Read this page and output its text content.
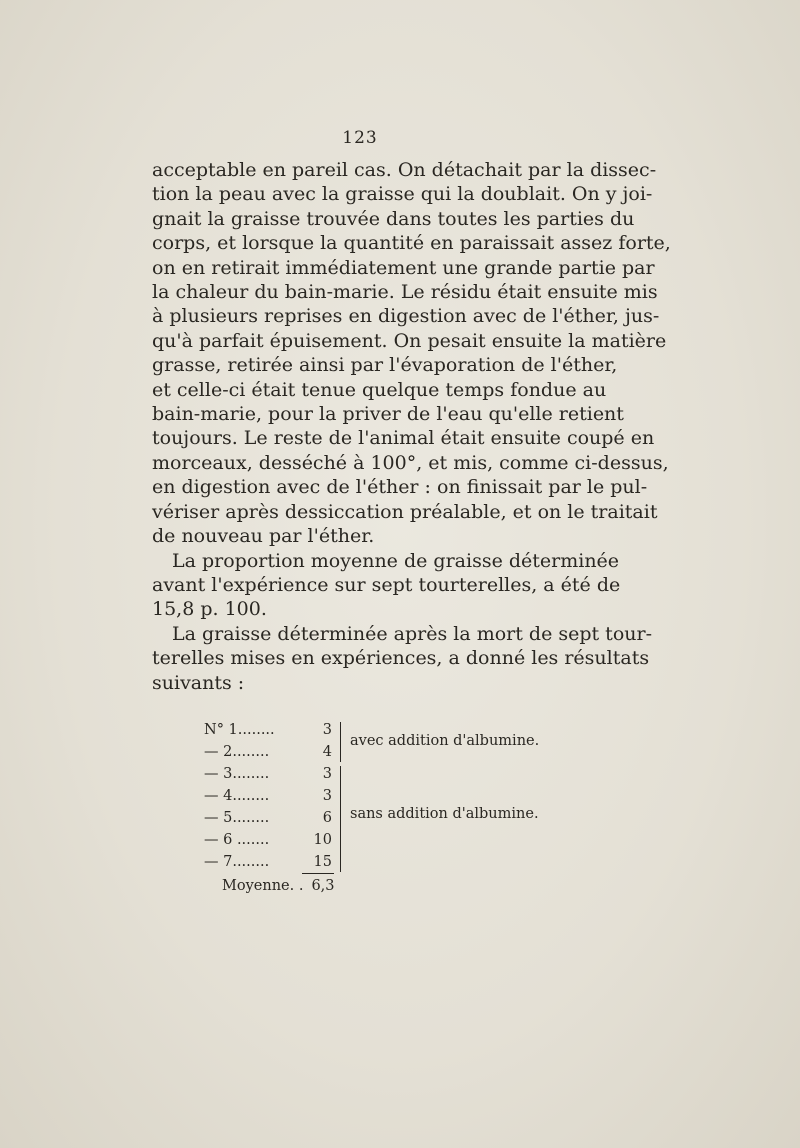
123
acceptable en pareil cas. On détachait par la dissec-
tion la peau avec la graisse qui la doublait. On y joi-
gnait la graisse trouvée dans toutes les parties du
corps, et lorsque la quantité en paraissait assez forte,
on en retirait immédiatement une grande partie par
la chaleur du bain-marie. Le résidu était ensuite mis
à plusieurs reprises en digestion avec de l'éther, jus-
qu'à parfait épuisement. On pesait ensuite la matière
grasse, retirée ainsi par l'évaporation de l'éther,
et celle-ci était tenue quelque temps fondue au
bain-marie, pour la priver de l'eau qu'elle retient
toujours. Le reste de l'animal était ensuite coupé en
morceaux, desséché à 100°, et mis, comme ci-dessus,
en digestion avec de l'éther : on finissait par le pul-
vériser après dessiccation préalable, et on le traitait
de nouveau par l'éther.
La proportion moyenne de graisse déterminée
avant l'expérience sur sept tourterelles, a été de
15,8 p. 100.
La graisse déterminée après la mort de sept tour-
terelles mises en expériences, a donné les résultats
suivants :
N° 1........	3
— 2........	4
— 3........	3
— 4........	3
— 5........	6
— 6 .......	10
— 7........	15
avec addition d'albumine.
sans addition d'albumine.
Moyenne. . 6,3
